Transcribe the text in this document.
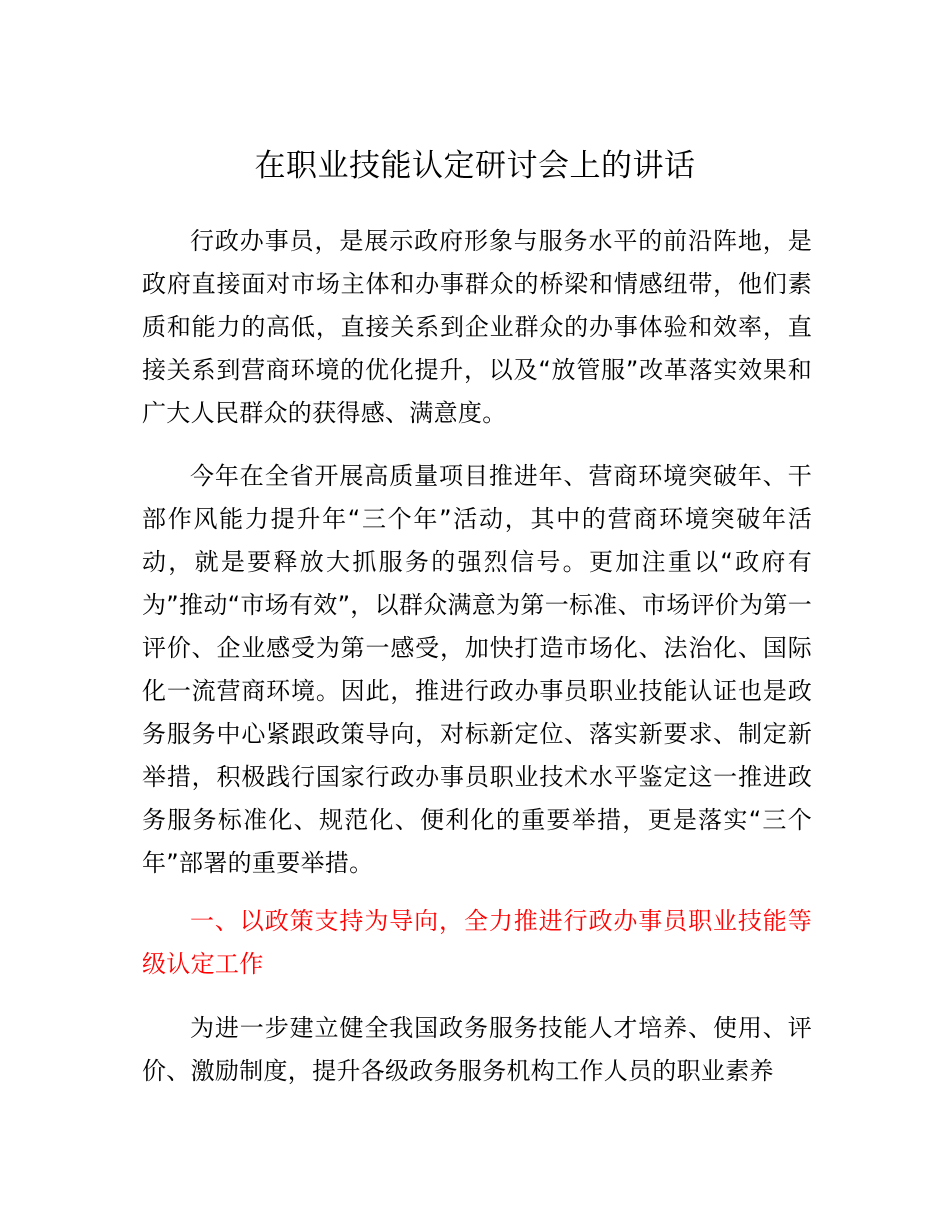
在职业技能认定研讨会上的讲话

行政办事员，是展示政府形象与服务水平的前沿阵地，是政府直接面对市场主体和办事群众的桥梁和情感纽带，他们素质和能力的高低，直接关系到企业群众的办事体验和效率，直接关系到营商环境的优化提升，以及“放管服”改革落实效果和广大人民群众的获得感、满意度。

今年在全省开展高质量项目推进年、营商环境突破年、干部作风能力提升年“三个年”活动，其中的营商环境突破年活动，就是要释放大抓服务的强烈信号。更加注重以“政府有为”推动“市场有效”，以群众满意为第一标准、市场评价为第一评价、企业感受为第一感受，加快打造市场化、法治化、国际化一流营商环境。因此，推进行政办事员职业技能认证也是政务服务中心紧跟政策导向，对标新定位、落实新要求、制定新举措，积极践行国家行政办事员职业技术水平鉴定这一推进政务服务标准化、规范化、便利化的重要举措，更是落实“三个年”部署的重要举措。

一、以政策支持为导向，全力推进行政办事员职业技能等级认定工作

为进一步建立健全我国政务服务技能人才培养、使用、评价、激励制度，提升各级政务服务机构工作人员的职业素养
